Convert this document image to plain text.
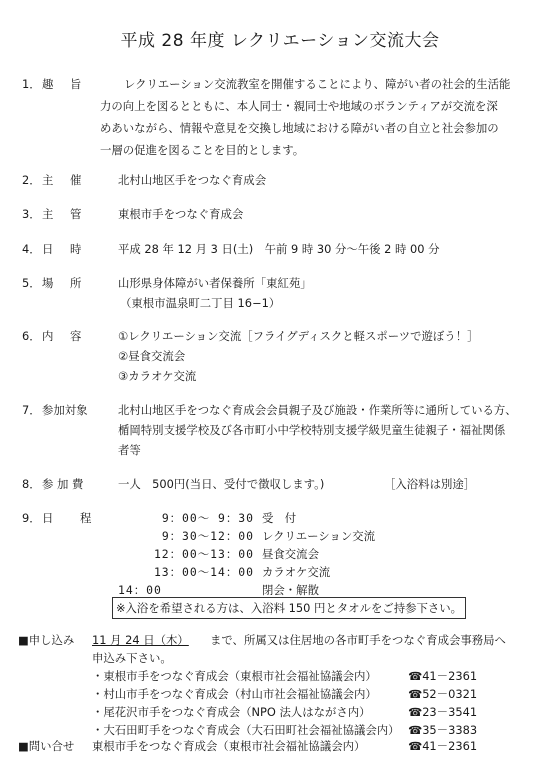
平成 28 年度 レクリエーション交流大会
1． 趣 旨	レクリエーション交流教室を開催することにより、障がい者の社会的生活能
力の向上を図るとともに、本人同士・親同士や地域のボランティアが交流を深
めあいながら、情報や意見を交換し地域における障がい者の自立と社会参加の
一層の促進を図ることを目的とします。
2． 主 催	北村山地区手をつなぐ育成会
3． 主 管	東根市手をつなぐ育成会
4． 日 時	平成 28 年 12 月 3 日(土)　午前 9 時 30 分～午後 2 時 00 分
5． 場 所	山形県身体障がい者保養所「東紅苑」
（東根市温泉町二丁目 16−1）
6． 内 容	①レクリエーション交流［フライグディスクと軽スポーツで遊ぼう！］
②昼食交流会
③カラオケ交流
7． 参加対象	北村山地区手をつなぐ育成会会員親子及び施設・作業所等に通所している方、
楯岡特別支援学校及び各市町小中学校特別支援学級児童生徒親子・福祉関係
者等
8． 参 加 費	一人　500円(当日、受付で徴収します。)	［入浴料は別途］
9． 日 程	9：00～ 9：30 受　付
9：30～12：00 レクリエーション交流
12：00～13：00 昼食交流会
13：00～14：00 カラオケ交流
14：00	閉会・解散
※入浴を希望される方は、入浴料 150 円とタオルをご持参下さい。
■申し込み 11 月 24 日（木） まで、所属又は住居地の各市町手をつなぐ育成会事務局へ
申込み下さい。
・東根市手をつなぐ育成会（東根市社会福祉協議会内）	☎41－2361
・村山市手をつなぐ育成会（村山市社会福祉協議会内）	☎52－0321
・尾花沢市手をつなぐ育成会（NPO 法人はながさ内）	☎23－3541
・大石田町手をつなぐ育成会（大石田町社会福祉協議会内） ☎35－3383
■問い合せ 東根市手をつなぐ育成会（東根市社会福祉協議会内）	☎41－2361
